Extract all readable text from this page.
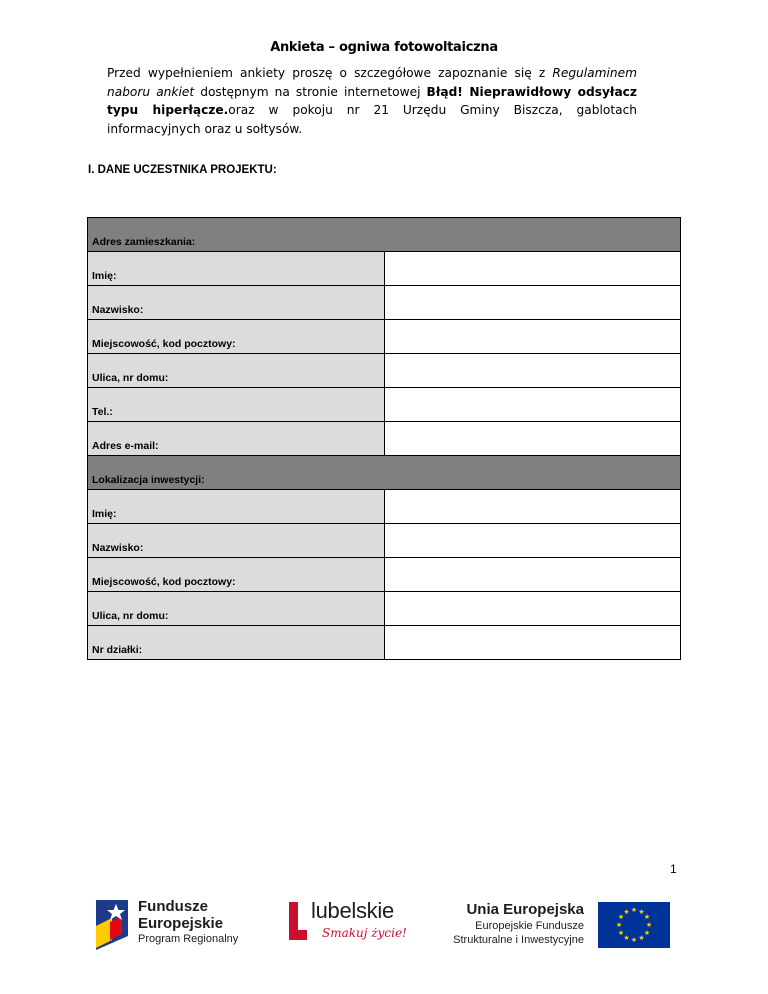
Ankieta – ogniwa fotowoltaiczna
Przed wypełnieniem ankiety proszę o szczegółowe zapoznanie się z Regulaminem naboru ankiet dostępnym na stronie internetowej Błąd! Nieprawidłowy odsyłacz typu hiperłącze.oraz w pokoju nr 21 Urzędu Gminy Biszcza, gablotach informacyjnych oraz u sołtysów.
I. DANE UCZESTNIKA PROJEKTU:
Adres zamieszkania:	
Imię:	
Nazwisko:	
Miejscowość, kod pocztowy:	
Ulica, nr domu:	
Tel.:	
Adres e-mail:	
Lokalizacja inwestycji:	
Imię:	
Nazwisko:	
Miejscowość, kod pocztowy:	
Ulica, nr domu:	
Nr działki:	
1
Fundusze
Europejskie
Program Regionalny
lubelskie
Smakuj życie!
Unia Europejska
Europejskie Fundusze
Strukturalne i Inwestycyjne
★ ★
★
★
★
★
★
★
★
★
★
★
